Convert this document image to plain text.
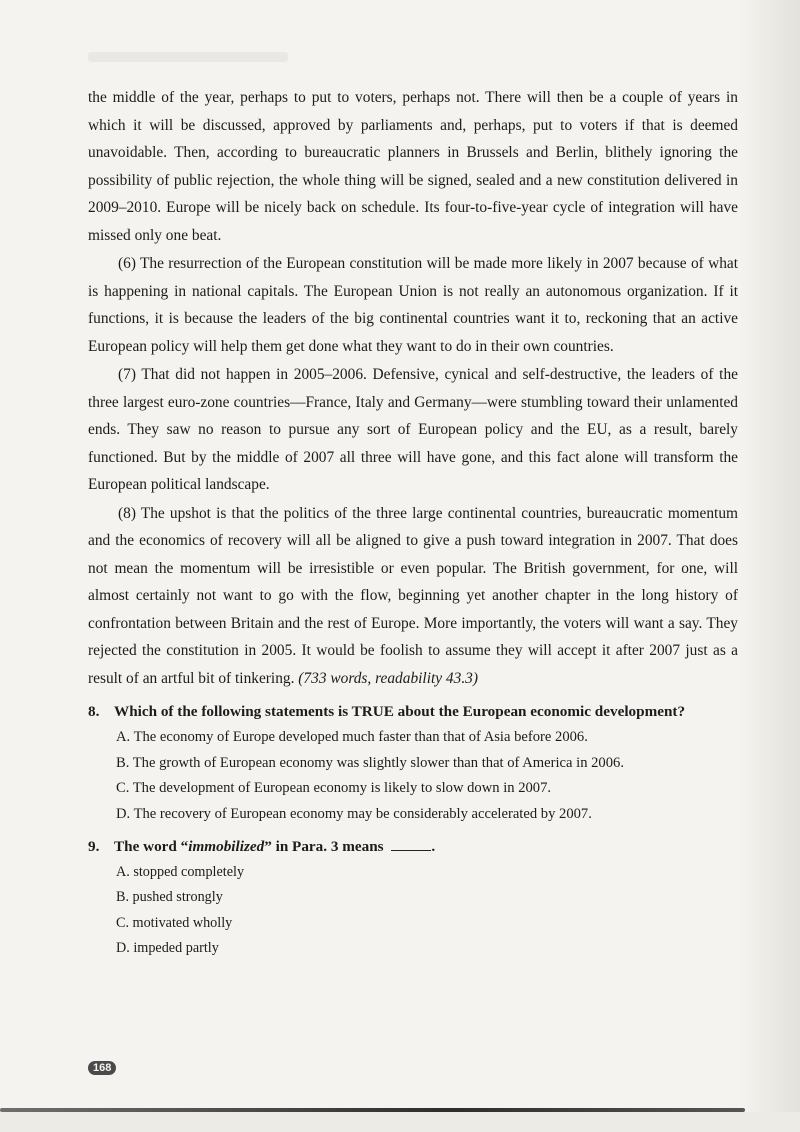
the middle of the year, perhaps to put to voters, perhaps not. There will then be a couple of years in which it will be discussed, approved by parliaments and, perhaps, put to voters if that is deemed unavoidable. Then, according to bureaucratic planners in Brussels and Berlin, blithely ignoring the possibility of public rejection, the whole thing will be signed, sealed and a new constitution delivered in 2009–2010. Europe will be nicely back on schedule. Its four-to-five-year cycle of integration will have missed only one beat.

(6) The resurrection of the European constitution will be made more likely in 2007 because of what is happening in national capitals. The European Union is not really an autonomous organization. If it functions, it is because the leaders of the big continental countries want it to, reckoning that an active European policy will help them get done what they want to do in their own countries.

(7) That did not happen in 2005–2006. Defensive, cynical and self-destructive, the leaders of the three largest euro-zone countries—France, Italy and Germany—were stumbling toward their unlamented ends. They saw no reason to pursue any sort of European policy and the EU, as a result, barely functioned. But by the middle of 2007 all three will have gone, and this fact alone will transform the European political landscape.

(8) The upshot is that the politics of the three large continental countries, bureaucratic momentum and the economics of recovery will all be aligned to give a push toward integration in 2007. That does not mean the momentum will be irresistible or even popular. The British government, for one, will almost certainly not want to go with the flow, beginning yet another chapter in the long history of confrontation between Britain and the rest of Europe. More importantly, the voters will want a say. They rejected the constitution in 2005. It would be foolish to assume they will accept it after 2007 just as a result of an artful bit of tinkering. (733 words, readability 43.3)

8. Which of the following statements is TRUE about the European economic development?
A. The economy of Europe developed much faster than that of Asia before 2006.
B. The growth of European economy was slightly slower than that of America in 2006.
C. The development of European economy is likely to slow down in 2007.
D. The recovery of European economy may be considerably accelerated by 2007.
9. The word “immobilized” in Para. 3 means	.
A. stopped completely
B. pushed strongly
C. motivated wholly
D. impeded partly
168
